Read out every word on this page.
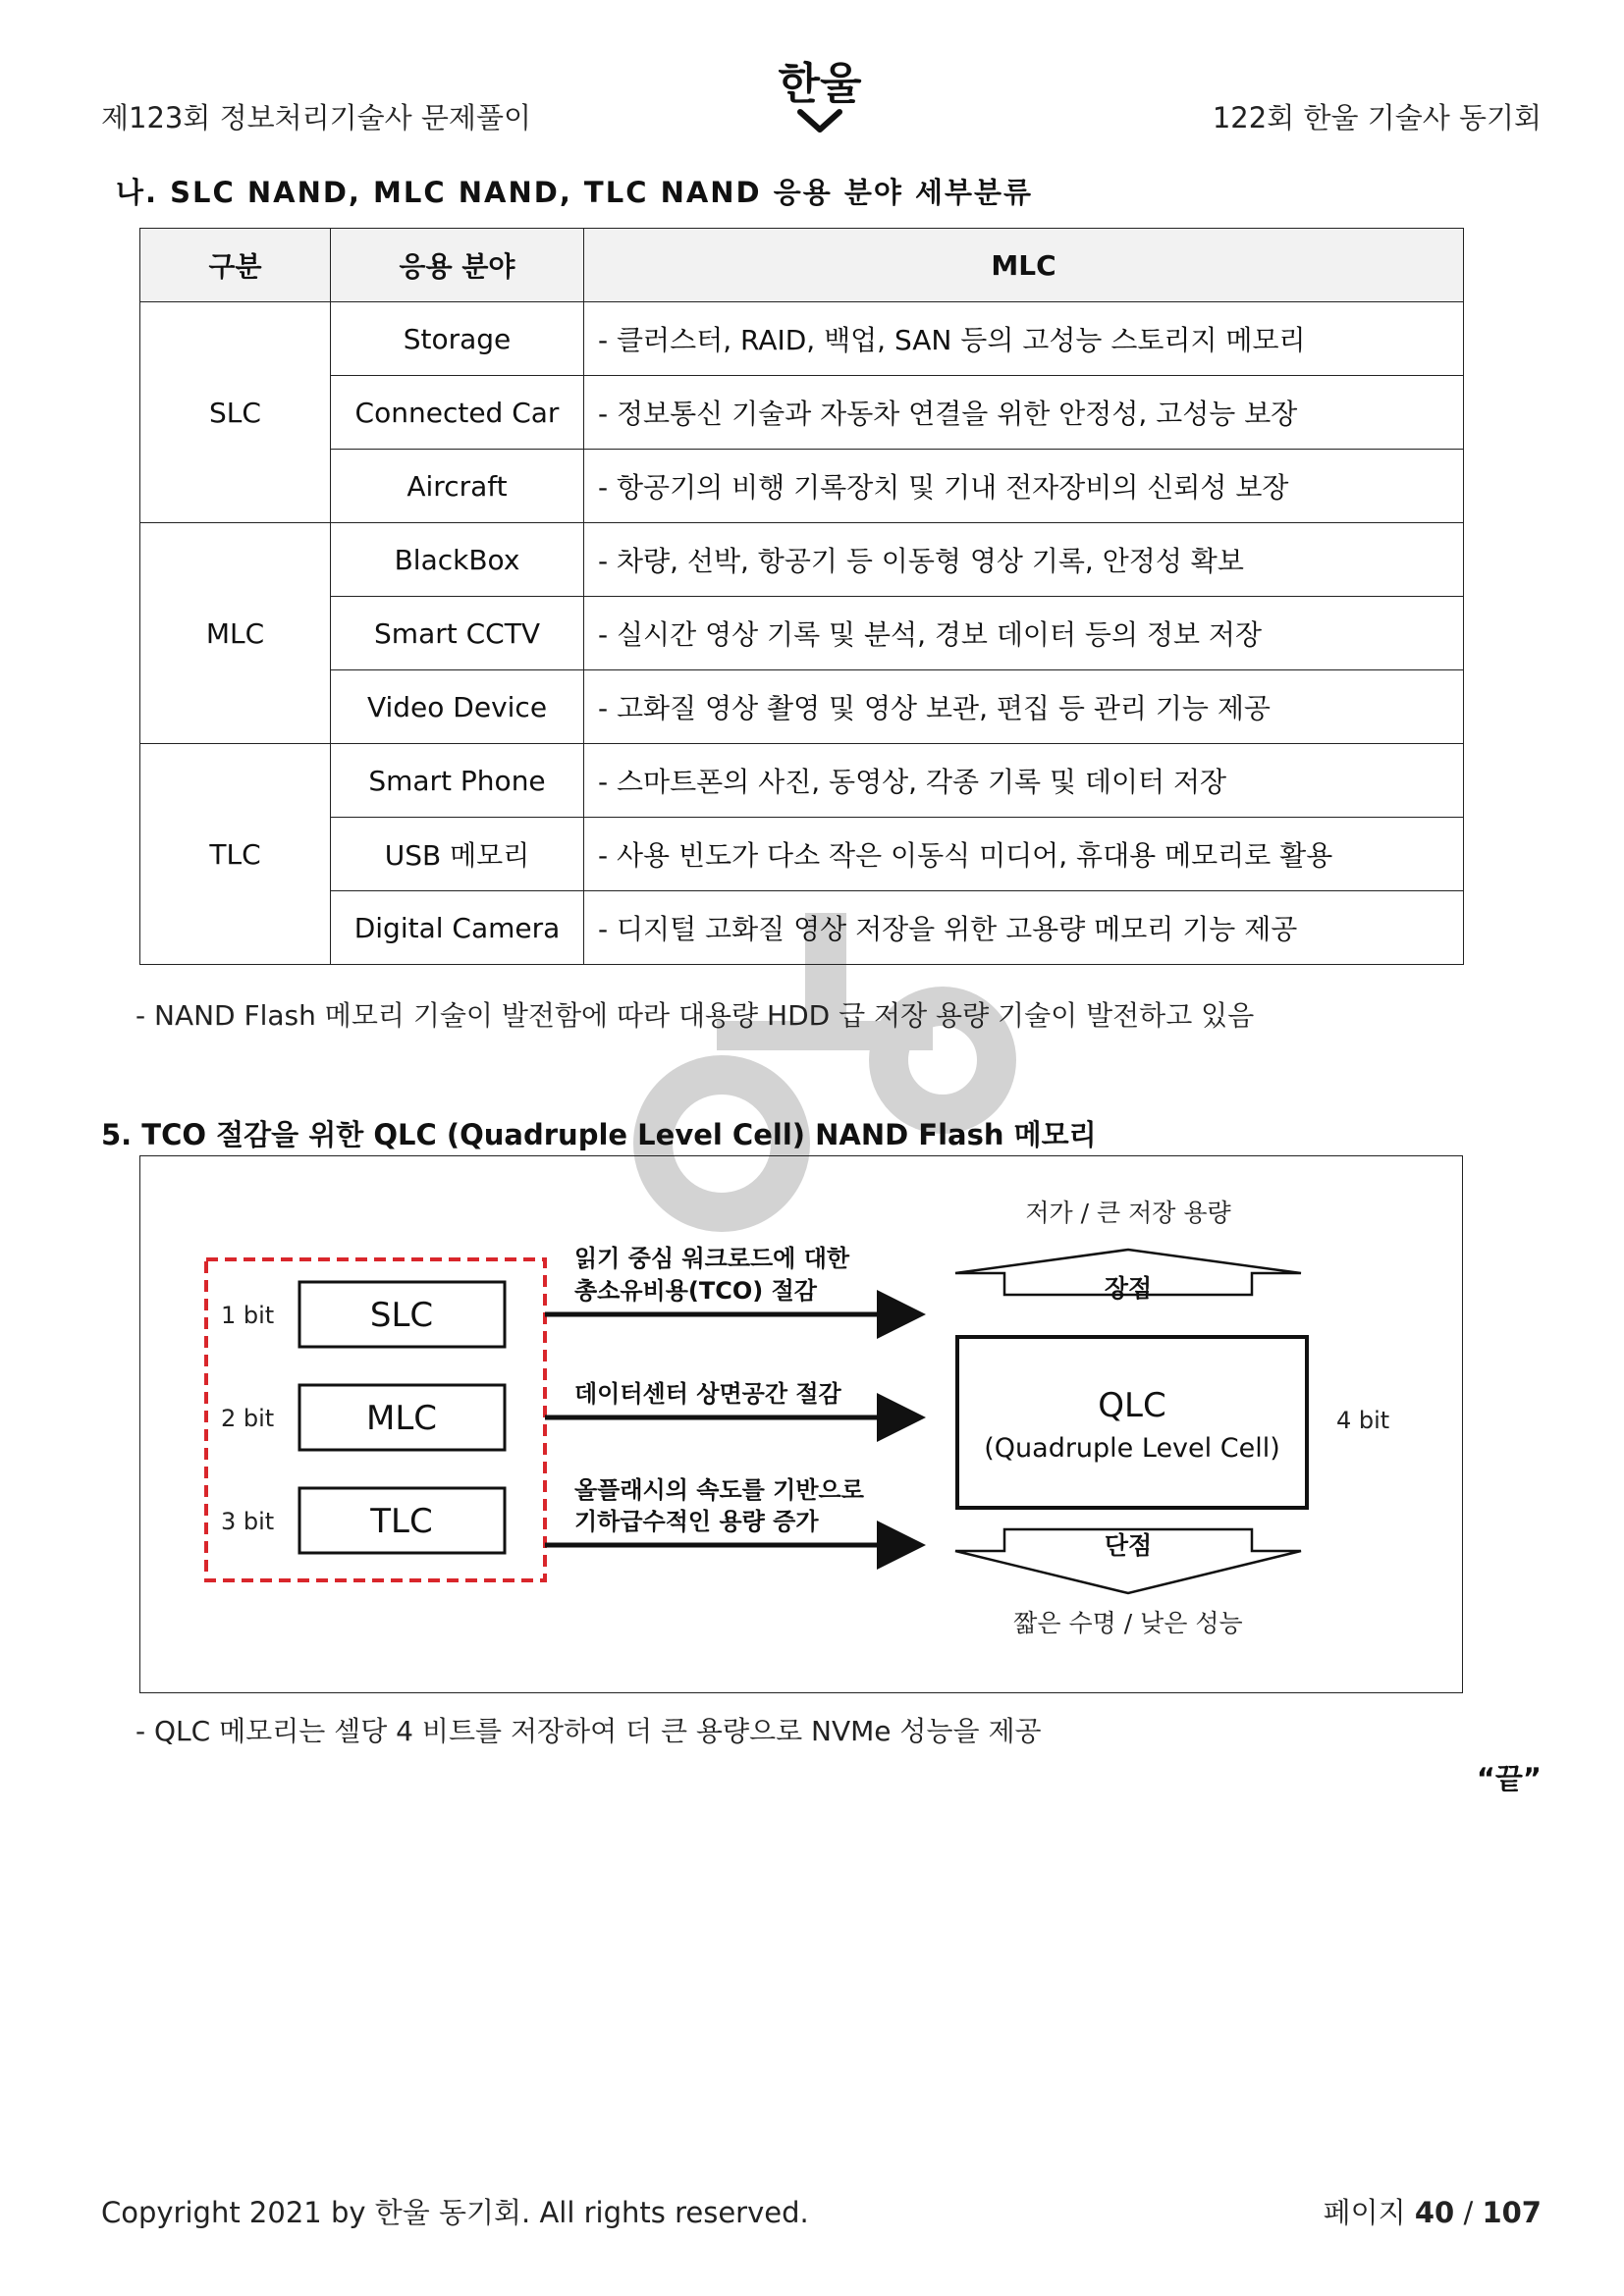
제123회 정보처리기술사 문제풀이
한울
122회 한울 기술사 동기회
나. SLC NAND, MLC NAND, TLC NAND 응용 분야 세부분류
구분	응용 분야	MLC
SLC	Storage	- 클러스터, RAID, 백업, SAN 등의 고성능 스토리지 메모리
	Connected Car	- 정보통신 기술과 자동차 연결을 위한 안정성, 고성능 보장
	Aircraft	- 항공기의 비행 기록장치 및 기내 전자장비의 신뢰성 보장
MLC	BlackBox	- 차량, 선박, 항공기 등 이동형 영상 기록, 안정성 확보
	Smart CCTV	- 실시간 영상 기록 및 분석, 경보 데이터 등의 정보 저장
	Video Device	- 고화질 영상 촬영 및 영상 보관, 편집 등 관리 기능 제공
TLC	Smart Phone	- 스마트폰의 사진, 동영상, 각종 기록 및 데이터 저장
	USB 메모리	- 사용 빈도가 다소 작은 이동식 미디어, 휴대용 메모리로 활용
	Digital Camera	- 디지털 고화질 영상 저장을 위한 고용량 메모리 기능 제공
- NAND Flash 메모리 기술이 발전함에 따라 대용량 HDD 급 저장 용량 기술이 발전하고 있음
5. TCO 절감을 위한 QLC (Quadruple Level Cell) NAND Flash 메모리
1 bit	SLC
2 bit	MLC
3 bit	TLC
읽기 중심 워크로드에 대한
총소유비용(TCO) 절감
데이터센터 상면공간 절감
올플래시의 속도를 기반으로
기하급수적인 용량 증가
저가 / 큰 저장 용량
장점
QLC
(Quadruple Level Cell)
4 bit
단점
짧은 수명 / 낮은 성능
- QLC 메모리는 셀당 4 비트를 저장하여 더 큰 용량으로 NVMe 성능을 제공
“끝”
Copyright 2021 by 한울 동기회. All rights reserved.	페이지 40 / 107
